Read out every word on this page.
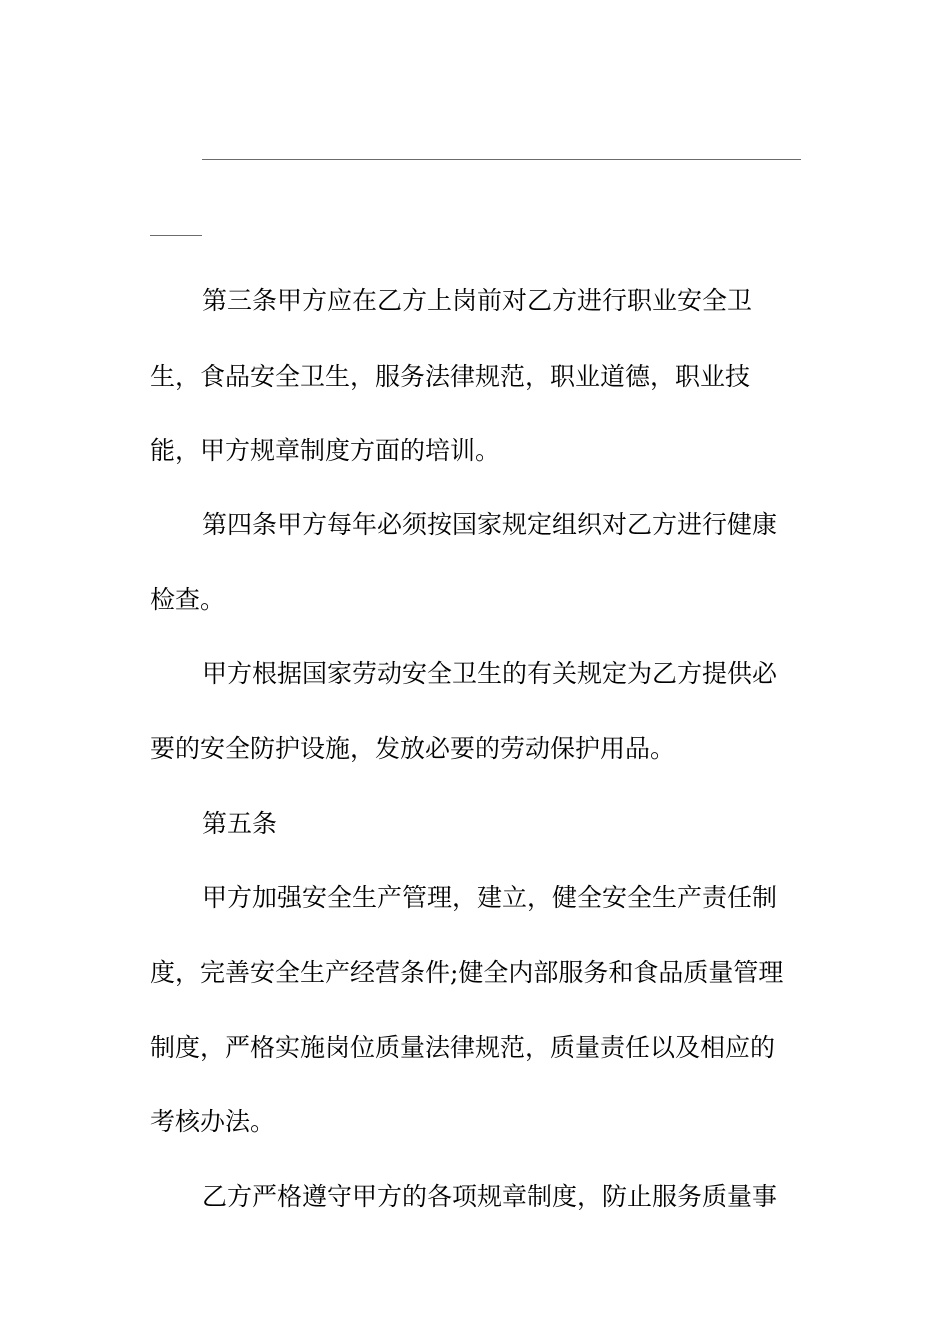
第三条甲方应在乙方上岗前对乙方进行职业安全卫
生，食品安全卫生，服务法律规范，职业道德，职业技
能，甲方规章制度方面的培训。
第四条甲方每年必须按国家规定组织对乙方进行健康
检查。
甲方根据国家劳动安全卫生的有关规定为乙方提供必
要的安全防护设施，发放必要的劳动保护用品。
第五条
甲方加强安全生产管理，建立，健全安全生产责任制
度，完善安全生产经营条件;健全内部服务和食品质量管理
制度，严格实施岗位质量法律规范，质量责任以及相应的
考核办法。
乙方严格遵守甲方的各项规章制度，防止服务质量事
